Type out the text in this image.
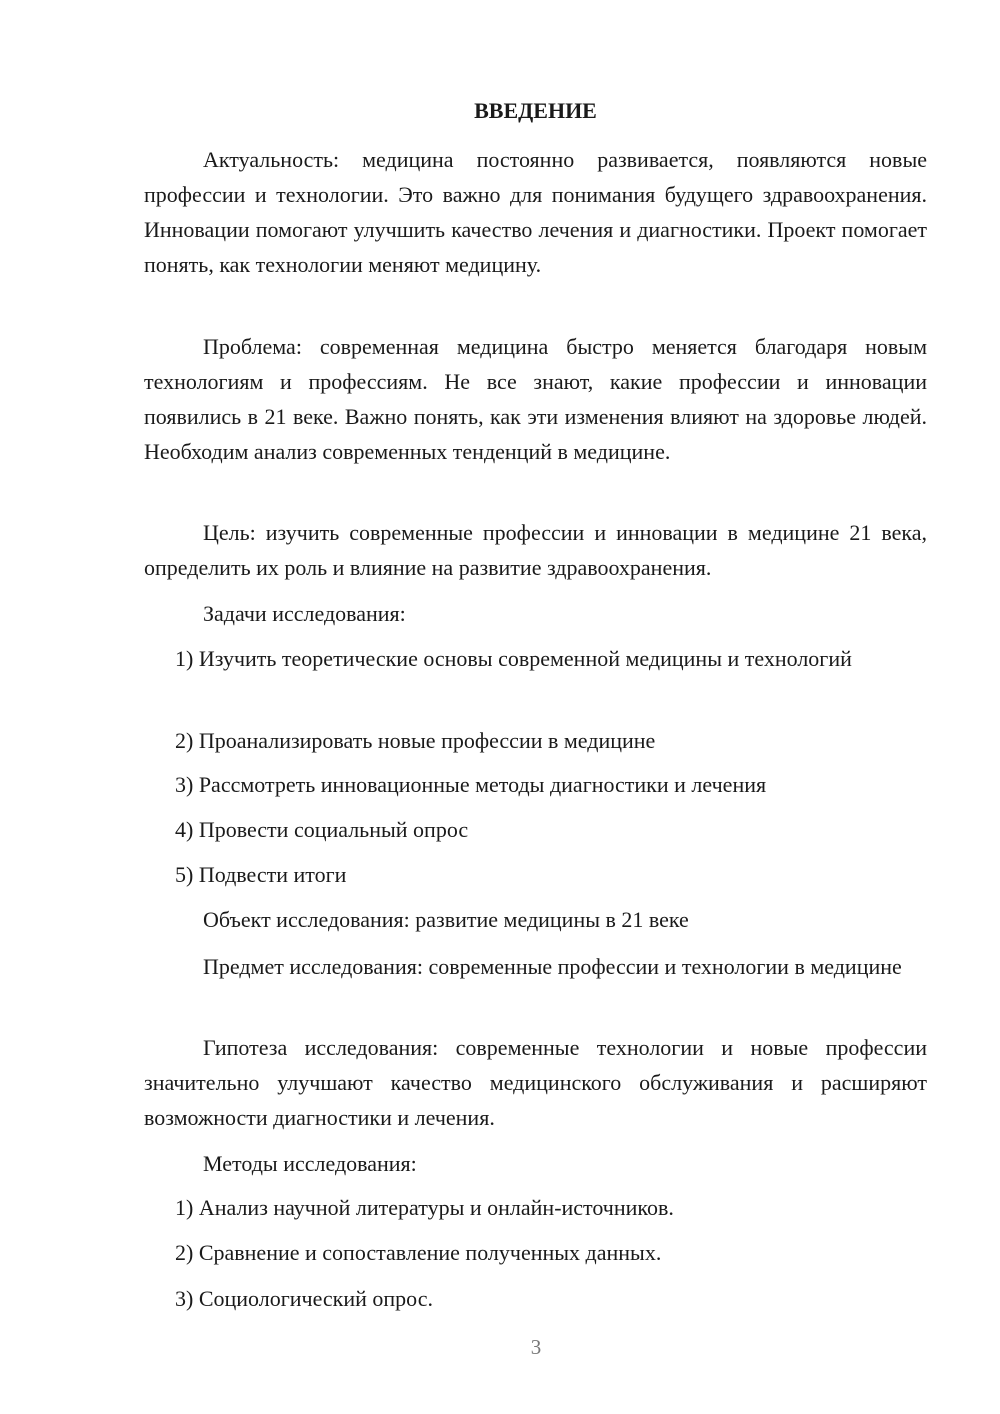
ВВЕДЕНИЕ

Актуальность: медицина постоянно развивается, появляются новые профессии и технологии. Это важно для понимания будущего здравоохранения. Инновации помогают улучшить качество лечения и диагностики. Проект помогает понять, как технологии меняют медицину.

Проблема: современная медицина быстро меняется благодаря новым технологиям и профессиям. Не все знают, какие профессии и инновации появились в 21 веке. Важно понять, как эти изменения влияют на здоровье людей. Необходим анализ современных тенденций в медицине.

Цель: изучить современные профессии и инновации в медицине 21 века, определить их роль и влияние на развитие здравоохранения.

Задачи исследования:

1) Изучить теоретические основы современной медицины и технологий

2) Проанализировать новые профессии в медицине

3) Рассмотреть инновационные методы диагностики и лечения

4) Провести социальный опрос

5) Подвести итоги

Объект исследования: развитие медицины в 21 веке

Предмет исследования: современные профессии и технологии в медицине

Гипотеза исследования: современные технологии и новые профессии значительно улучшают качество медицинского обслуживания и расширяют возможности диагностики и лечения.

Методы исследования:

1) Анализ научной литературы и онлайн-источников.

2) Сравнение и сопоставление полученных данных.

3) Социологический опрос.

3
